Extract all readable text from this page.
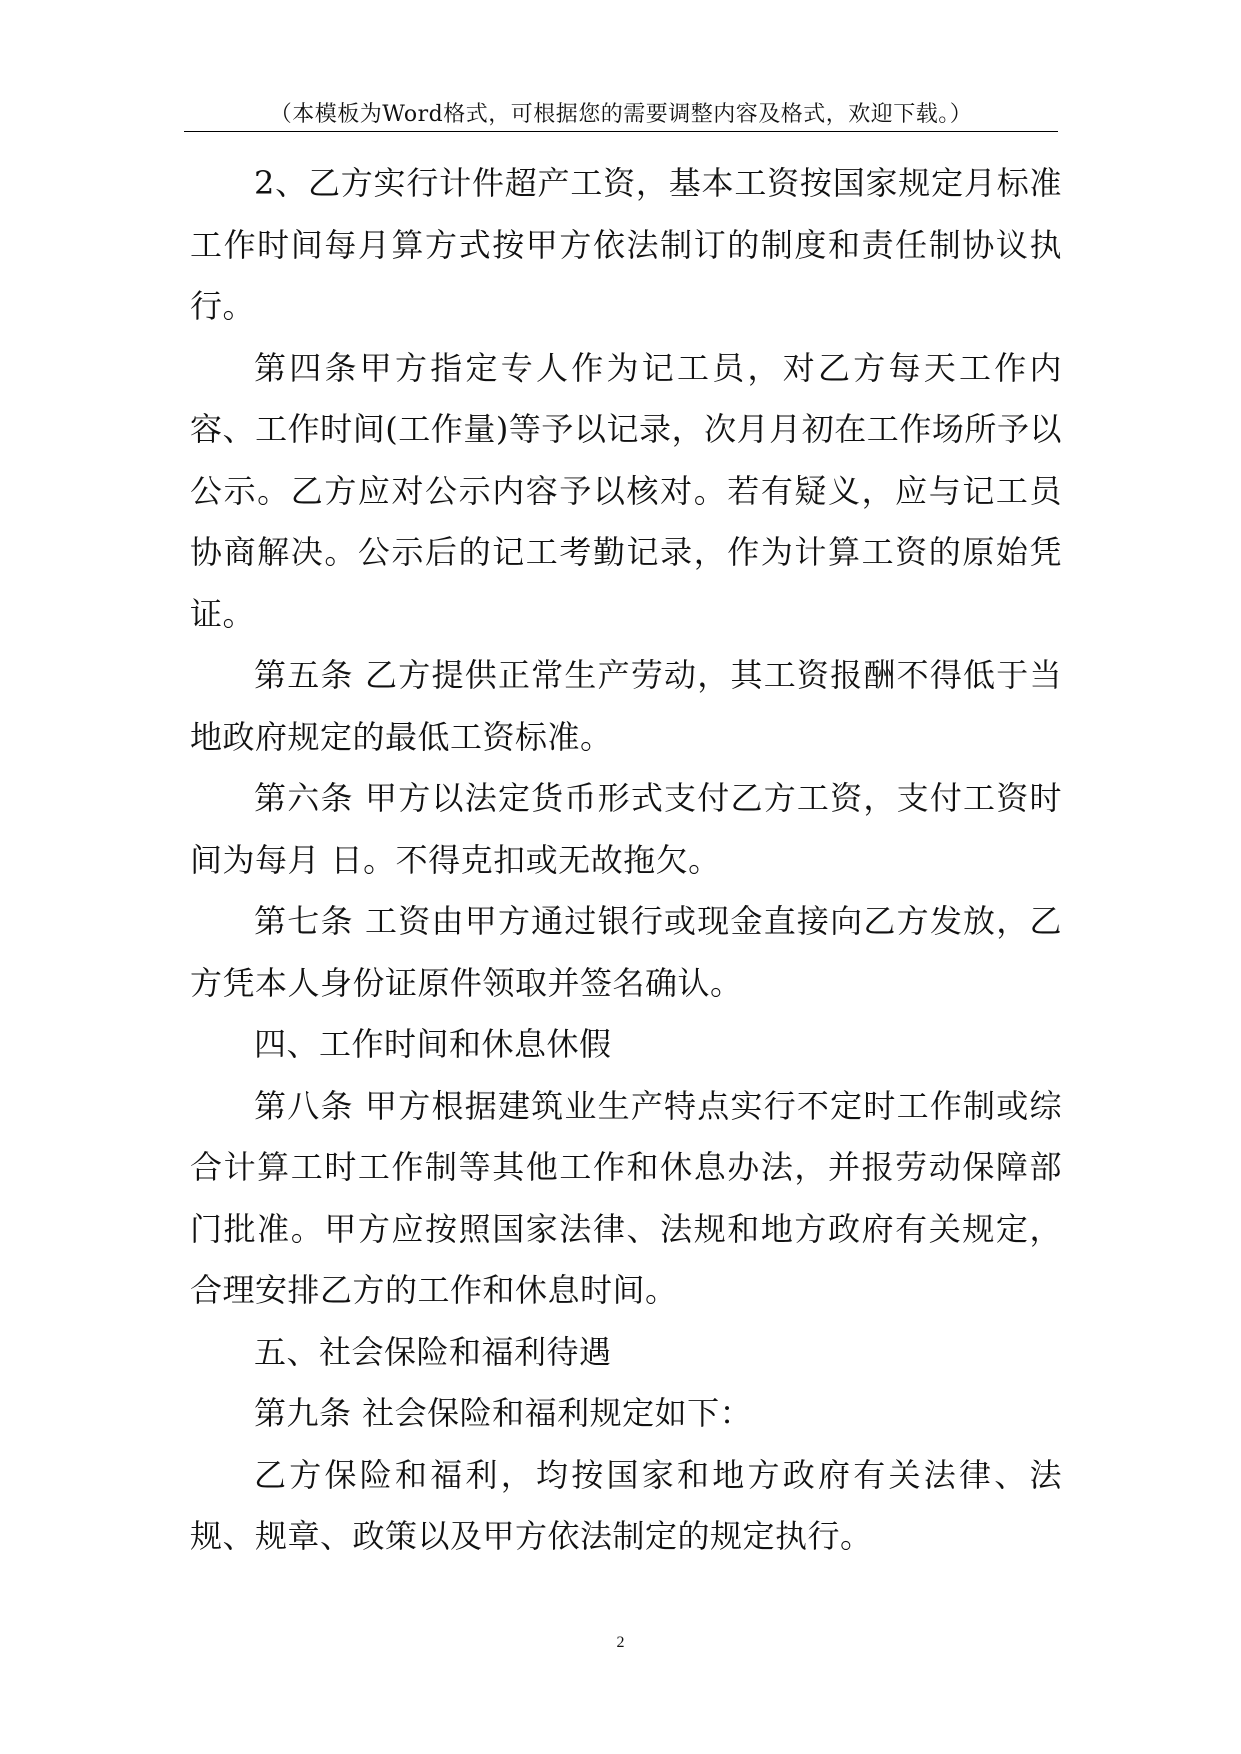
（本模板为Word格式，可根据您的需要调整内容及格式，欢迎下载。）

2、乙方实行计件超产工资，基本工资按国家规定月标准工作时间每月算方式按甲方依法制订的制度和责任制协议执行。

第四条甲方指定专人作为记工员，对乙方每天工作内容、工作时间(工作量)等予以记录，次月月初在工作场所予以公示。乙方应对公示内容予以核对。若有疑义，应与记工员协商解决。公示后的记工考勤记录，作为计算工资的原始凭证。

第五条 乙方提供正常生产劳动，其工资报酬不得低于当地政府规定的最低工资标准。

第六条 甲方以法定货币形式支付乙方工资，支付工资时间为每月 日。不得克扣或无故拖欠。

第七条 工资由甲方通过银行或现金直接向乙方发放，乙方凭本人身份证原件领取并签名确认。

四、工作时间和休息休假

第八条 甲方根据建筑业生产特点实行不定时工作制或综合计算工时工作制等其他工作和休息办法，并报劳动保障部门批准。甲方应按照国家法律、法规和地方政府有关规定，合理安排乙方的工作和休息时间。

五、社会保险和福利待遇

第九条 社会保险和福利规定如下：

乙方保险和福利，均按国家和地方政府有关法律、法规、规章、政策以及甲方依法制定的规定执行。

2
